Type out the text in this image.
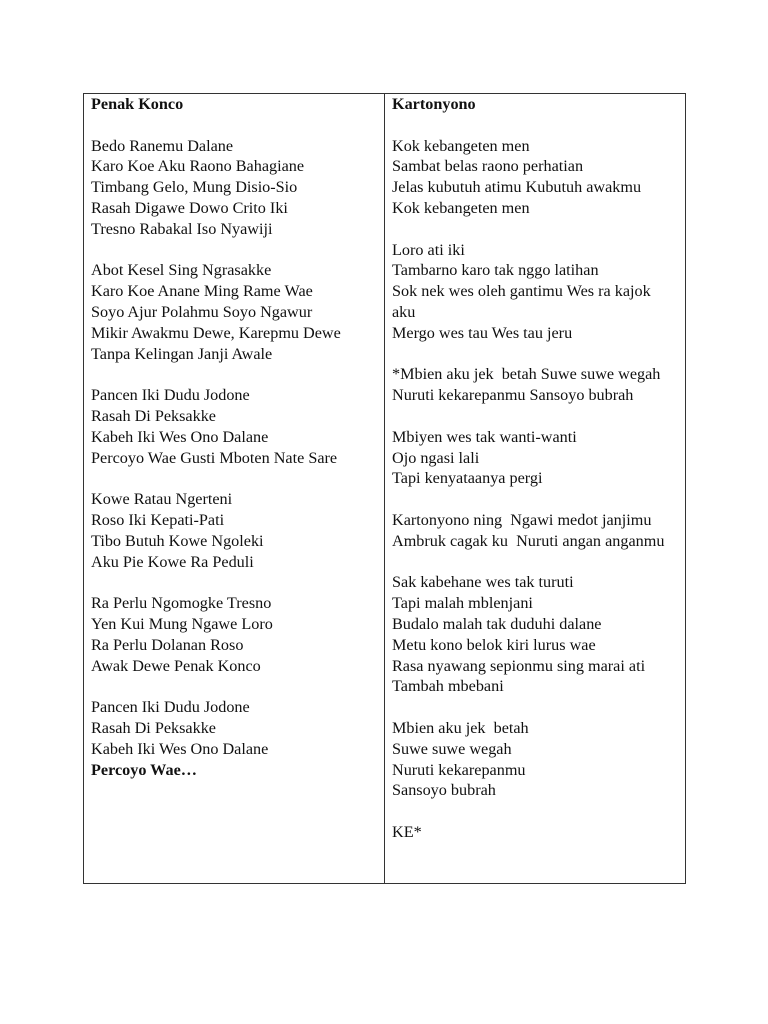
Penak Konco
Bedo Ranemu Dalane
Karo Koe Aku Raono Bahagiane
Timbang Gelo, Mung Disio-Sio
Rasah Digawe Dowo Crito Iki
Tresno Rabakal Iso Nyawiji
Abot Kesel Sing Ngrasakke
Karo Koe Anane Ming Rame Wae
Soyo Ajur Polahmu Soyo Ngawur
Mikir Awakmu Dewe, Karepmu Dewe
Tanpa Kelingan Janji Awale
Pancen Iki Dudu Jodone
Rasah Di Peksakke
Kabeh Iki Wes Ono Dalane
Percoyo Wae Gusti Mboten Nate Sare
Kowe Ratau Ngerteni
Roso Iki Kepati-Pati
Tibo Butuh Kowe Ngoleki
Aku Pie Kowe Ra Peduli
Ra Perlu Ngomogke Tresno
Yen Kui Mung Ngawe Loro
Ra Perlu Dolanan Roso
Awak Dewe Penak Konco
Pancen Iki Dudu Jodone
Rasah Di Peksakke
Kabeh Iki Wes Ono Dalane
Percoyo Wae…
Kartonyono
Kok kebangeten men
Sambat belas raono perhatian
Jelas kubutuh atimu Kubutuh awakmu
Kok kebangeten men
Loro ati iki
Tambarno karo tak nggo latihan
Sok nek wes oleh gantimu Wes ra kajok aku
Mergo wes tau Wes tau jeru
*Mbien aku jek  betah Suwe suwe wegah
Nuruti kekarepanmu Sansoyo bubrah
Mbiyen wes tak wanti-wanti
Ojo ngasi lali
Tapi kenyataanya pergi
Kartonyono ning  Ngawi medot janjimu
Ambruk cagak ku  Nuruti angan anganmu
Sak kabehane wes tak turuti
Tapi malah mblenjani
Budalo malah tak duduhi dalane
Metu kono belok kiri lurus wae
Rasa nyawang sepionmu sing marai ati
Tambah mbebani
Mbien aku jek  betah
Suwe suwe wegah
Nuruti kekarepanmu
Sansoyo bubrah
KE*
